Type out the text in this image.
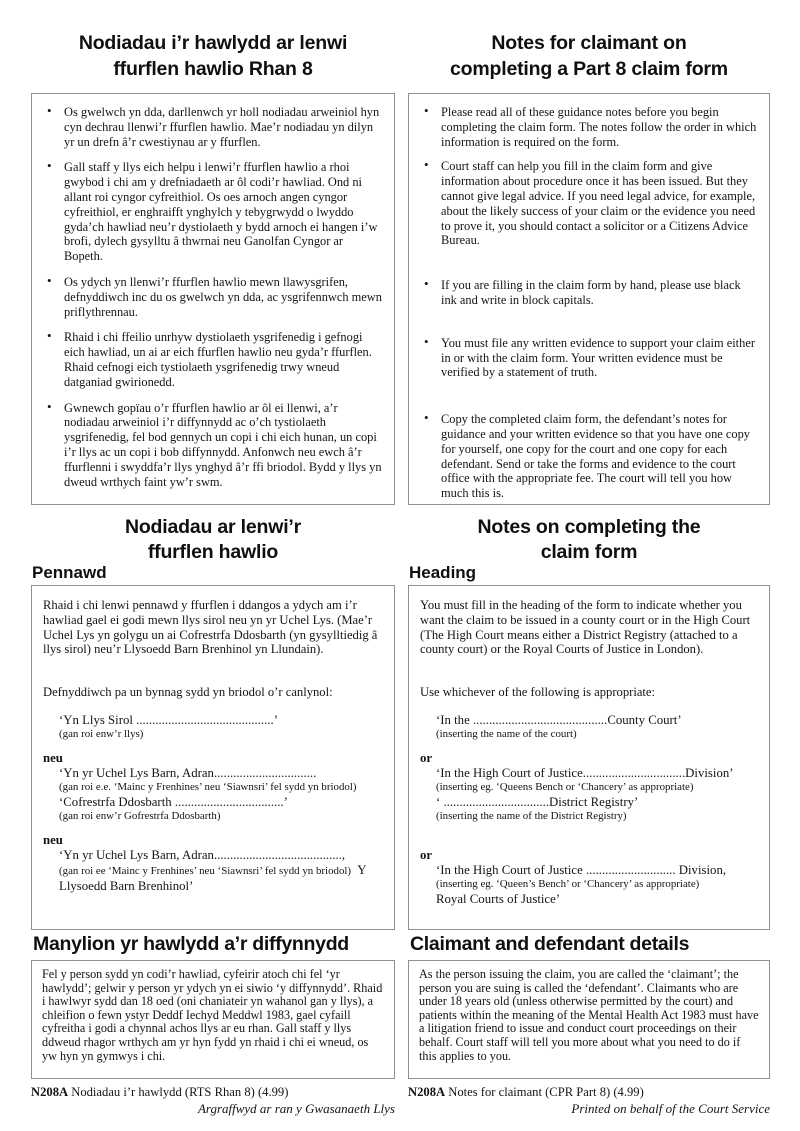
Nodiadau i’r hawlydd ar lenwi
ffurflen hawlio Rhan 8
• Os gwelwch yn dda, darllenwch yr holl nodiadau arweiniol hyn cyn dechrau llenwi’r ffurflen hawlio. Mae’r nodiadau yn dilyn yr un drefn â’r cwestiynau ar y ffurflen.
• Gall staff y llys eich helpu i lenwi’r ffurflen hawlio a rhoi gwybod i chi am y drefniadaeth ar ôl codi’r hawliad. Ond ni allant roi cyngor cyfreithiol. Os oes arnoch angen cyngor cyfreithiol, er enghraifft ynghylch y tebygrwydd o lwyddo gyda’ch hawliad neu’r dystiolaeth y bydd arnoch ei hangen i’w brofi, dylech gysylltu â thwrnai neu Ganolfan Cyngor ar Bopeth.
• Os ydych yn llenwi’r ffurflen hawlio mewn llawysgrifen, defnyddiwch inc du os gwelwch yn dda, ac ysgrifennwch mewn priflythrennau.
• Rhaid i chi ffeilio unrhyw dystiolaeth ysgrifenedig i gefnogi eich hawliad, un ai ar eich ffurflen hawlio neu gyda’r ffurflen. Rhaid cefnogi eich tystiolaeth ysgrifenedig trwy wneud datganiad gwirionedd.
• Gwnewch gopïau o’r ffurflen hawlio ar ôl ei llenwi, a’r nodiadau arweiniol i’r diffynnydd ac o’ch tystiolaeth ysgrifenedig, fel bod gennych un copi i chi eich hunan, un copi i’r llys ac un copi i bob diffynnydd. Anfonwch neu ewch â’r ffurflenni i swyddfa’r llys ynghyd â’r ffi briodol. Bydd y llys yn dweud wrthych faint yw’r swm.
Nodiadau ar lenwi’r
ffurflen hawlio
Pennawd
Rhaid i chi lenwi pennawd y ffurflen i ddangos a ydych am i’r hawliad gael ei godi mewn llys sirol neu yn yr Uchel Lys. (Mae’r Uchel Lys yn golygu un ai Cofrestrfa Ddosbarth (yn gysylltiedig â llys sirol) neu’r Llysoedd Barn Brenhinol yn Llundain).
Defnyddiwch pa un bynnag sydd yn briodol o’r canlynol:
‘Yn Llys Sirol ...........................................’
(gan roi enw’r llys)
neu
‘Yn yr Uchel Lys Barn, Adran................................
(gan roi e.e. ‘Mainc y Frenhines’ neu ‘Siawnsri’ fel sydd yn briodol)
‘Cofrestrfa Ddosbarth ..................................’
(gan roi enw’r Gofrestrfa Ddosbarth)
neu
‘Yn yr Uchel Lys Barn, Adran........................................,
(gan roi ee ‘Mainc y Frenhines’ neu ‘Siawnsri’ fel sydd yn briodol) Y Llysoedd Barn Brenhinol’
Manylion yr hawlydd a’r diffynnydd
Fel y person sydd yn codi’r hawliad, cyfeirir atoch chi fel ‘yr hawlydd’; gelwir y person yr ydych yn ei siwio ‘y diffynnydd’. Rhaid i hawlwyr sydd dan 18 oed (oni chaniateir yn wahanol gan y llys), a chleifion o fewn ystyr Deddf Iechyd Meddwl 1983, gael cyfaill cyfreitha i godi a chynnal achos llys ar eu rhan. Gall staff y llys ddweud rhagor wrthych am yr hyn fydd yn rhaid i chi ei wneud, os yw hyn yn gymwys i chi.
N208A Nodiadau i’r hawlydd (RTS Rhan 8) (4.99)
Argraffwyd ar ran y Gwasanaeth Llys
Notes for claimant on
completing a Part 8 claim form
• Please read all of these guidance notes before you begin completing the claim form. The notes follow the order in which information is required on the form.
• Court staff can help you fill in the claim form and give information about procedure once it has been issued. But they cannot give legal advice. If you need legal advice, for example, about the likely success of your claim or the evidence you need to prove it, you should contact a solicitor or a Citizens Advice Bureau.
• If you are filling in the claim form by hand, please use black ink and write in block capitals.
• You must file any written evidence to support your claim either in or with the claim form. Your written evidence must be verified by a statement of truth.
• Copy the completed claim form, the defendant’s notes for guidance and your written evidence so that you have one copy for yourself, one copy for the court and one copy for each defendant. Send or take the forms and evidence to the court office with the appropriate fee. The court will tell you how much this is.
Notes on completing the
claim form
Heading
You must fill in the heading of the form to indicate whether you want the claim to be issued in a county court or in the High Court (The High Court means either a District Registry (attached to a county court) or the Royal Courts of Justice in London).
Use whichever of the following is appropriate:
‘In the ..........................................County Court’
(inserting the name of the court)
or
‘In the High Court of Justice................................Division’
(inserting eg. ‘Queens Bench or ‘Chancery’ as appropriate)
‘ .................................District Registry’
(inserting the name of the District Registry)
or
‘In the High Court of Justice ............................ Division,
(inserting eg. ‘Queen’s Bench’ or ‘Chancery’ as appropriate)
Royal Courts of Justice’
Claimant and defendant details
As the person issuing the claim, you are called the ‘claimant’; the person you are suing is called the ‘defendant’. Claimants who are under 18 years old (unless otherwise permitted by the court) and patients within the meaning of the Mental Health Act 1983 must have a litigation friend to issue and conduct court proceedings on their behalf. Court staff will tell you more about what you need to do if this applies to you.
N208A Notes for claimant (CPR Part 8) (4.99)
Printed on behalf of the Court Service
